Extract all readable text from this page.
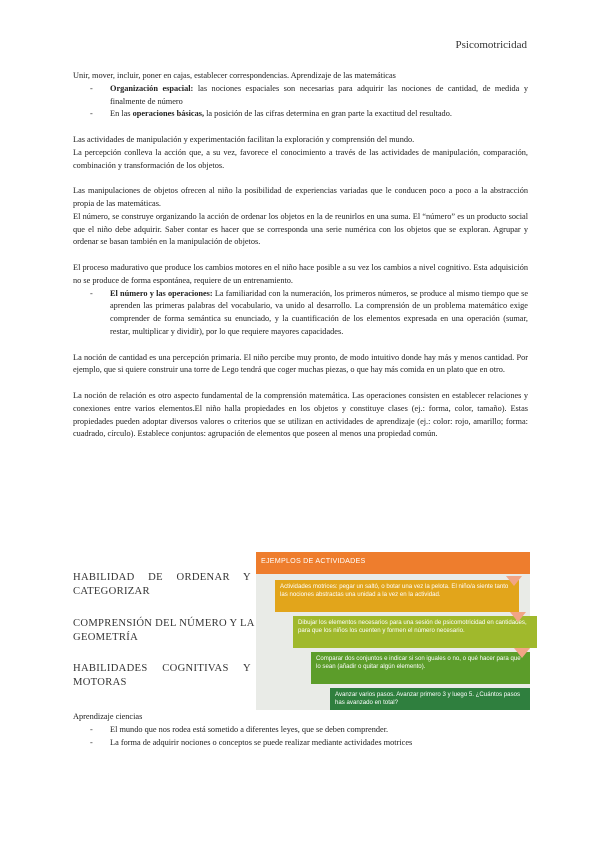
Psicomotricidad

Unir, mover, incluir, poner en cajas, establecer correspondencias. Aprendizaje de las matemáticas

- Organización espacial: las nociones espaciales son necesarias para adquirir las nociones de cantidad, de medida y finalmente de número
- En las operaciones básicas, la posición de las cifras determina en gran parte la exactitud del resultado.

Las actividades de manipulación y experimentación facilitan la exploración y comprensión del mundo.

La percepción conlleva la acción que, a su vez, favorece el conocimiento a través de las actividades de manipulación, comparación, combinación y transformación de los objetos.

Las manipulaciones de objetos ofrecen al niño la posibilidad de experiencias variadas que le conducen poco a poco a la abstracción propia de las matemáticas.

El número, se construye organizando la acción de ordenar los objetos en la de reunirlos en una suma. El “número” es un producto social que el niño debe adquirir. Saber contar es hacer que se corresponda una serie numérica con los objetos que se exploran. Agrupar y ordenar se basan también en la manipulación de objetos.

El proceso madurativo que produce los cambios motores en el niño hace posible a su vez los cambios a nivel cognitivo. Esta adquisición no se produce de forma espontánea, requiere de un entrenamiento.

- El número y las operaciones: La familiaridad con la numeración, los primeros números, se produce al mismo tiempo que se aprenden las primeras palabras del vocabulario, va unido al desarrollo. La comprensión de un problema matemático exige comprender de forma semántica su enunciado, y la cuantificación de los elementos expresada en una operación (sumar, restar, multiplicar y dividir), por lo que requiere mayores capacidades.

La noción de cantidad es una percepción primaria. El niño percibe muy pronto, de modo intuitivo donde hay más y menos cantidad. Por ejemplo, que si quiere construir una torre de Lego tendrá que coger muchas piezas, o que hay más comida en un plato que en otro.

La noción de relación es otro aspecto fundamental de la comprensión matemática. Las operaciones consisten en establecer relaciones y conexiones entre varios elementos.El niño halla propiedades en los objetos y constituye clases (ej.: forma, color, tamaño). Estas propiedades pueden adoptar diversos valores o criterios que se utilizan en actividades de aprendizaje (ej.: color: rojo, amarillo; forma: cuadrado, círculo). Establece conjuntos: agrupación de elementos que poseen al menos una propiedad común.

HABILIDAD DE ORDENAR Y
CATEGORIZAR
COMPRENSIÓN DEL NÚMERO Y LA
GEOMETRÍA
HABILIDADES COGNITIVAS Y
MOTORAS
EJEMPLOS DE ACTIVIDADES
Actividades motrices: pegar un saltó, o botar una vez la pelota. El niño/a siente tanto las nociones abstractas una unidad a la vez en la actividad.
Dibujar los elementos necesarios para una sesión de psicomotricidad en cantidades, para que los niños los cuenten y formen el número necesario.
Comparar dos conjuntos e indicar si son iguales o no, o qué hacer para que lo sean (añadir o quitar algún elemento).
Avanzar varios pasos. Avanzar primero 3 y luego 5. ¿Cuántos pasos has avanzado en total?

Aprendizaje ciencias

- El mundo que nos rodea está sometido a diferentes leyes, que se deben comprender.
- La forma de adquirir nociones o conceptos se puede realizar mediante actividades motrices
